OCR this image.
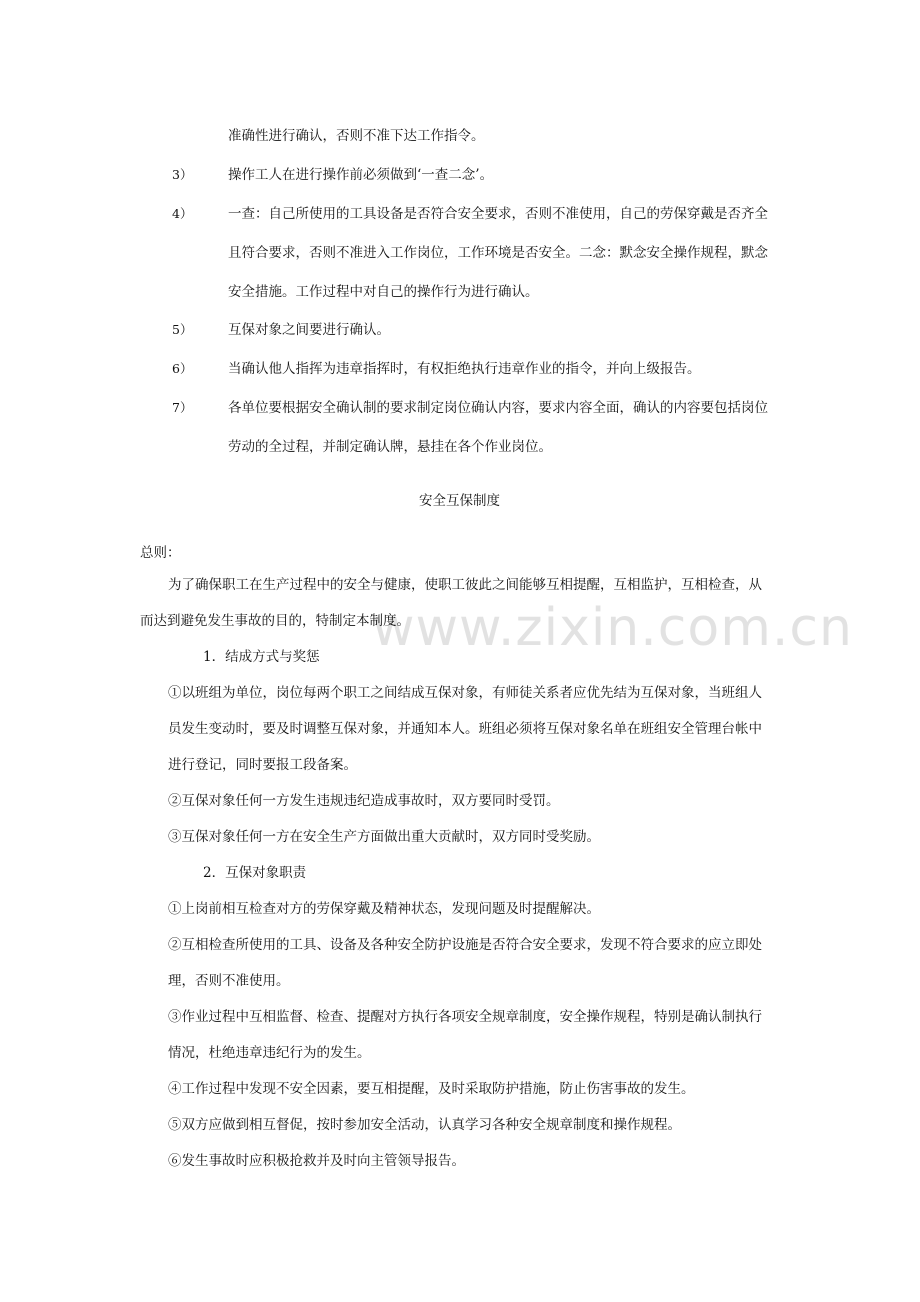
www.zixin.com.cn
准确性进行确认，否则不准下达工作指令。
3）	操作工人在进行操作前必须做到‘一查二念’。
4）	一查：自己所使用的工具设备是否符合安全要求，否则不准使用，自己的劳保穿戴是否齐全
且符合要求，否则不准进入工作岗位，工作环境是否安全。二念：默念安全操作规程，默念
安全措施。工作过程中对自己的操作行为进行确认。
5）	互保对象之间要进行确认。
6）	当确认他人指挥为违章指挥时，有权拒绝执行违章作业的指令，并向上级报告。
7）	各单位要根据安全确认制的要求制定岗位确认内容，要求内容全面，确认的内容要包括岗位
劳动的全过程，并制定确认牌，悬挂在各个作业岗位。
安全互保制度
总则：
为了确保职工在生产过程中的安全与健康，使职工彼此之间能够互相提醒，互相监护，互相检查，从
而达到避免发生事故的目的，特制定本制度。
1．结成方式与奖惩
①以班组为单位，岗位每两个职工之间结成互保对象，有师徒关系者应优先结为互保对象，当班组人
员发生变动时，要及时调整互保对象，并通知本人。班组必须将互保对象名单在班组安全管理台帐中
进行登记，同时要报工段备案。
②互保对象任何一方发生违规违纪造成事故时，双方要同时受罚。
③互保对象任何一方在安全生产方面做出重大贡献时，双方同时受奖励。
2．互保对象职责
①上岗前相互检查对方的劳保穿戴及精神状态，发现问题及时提醒解决。
②互相检查所使用的工具、设备及各种安全防护设施是否符合安全要求，发现不符合要求的应立即处
理，否则不准使用。
③作业过程中互相监督、检查、提醒对方执行各项安全规章制度，安全操作规程，特别是确认制执行
情况，杜绝违章违纪行为的发生。
④工作过程中发现不安全因素，要互相提醒，及时采取防护措施，防止伤害事故的发生。
⑤双方应做到相互督促，按时参加安全活动，认真学习各种安全规章制度和操作规程。
⑥发生事故时应积极抢救并及时向主管领导报告。
